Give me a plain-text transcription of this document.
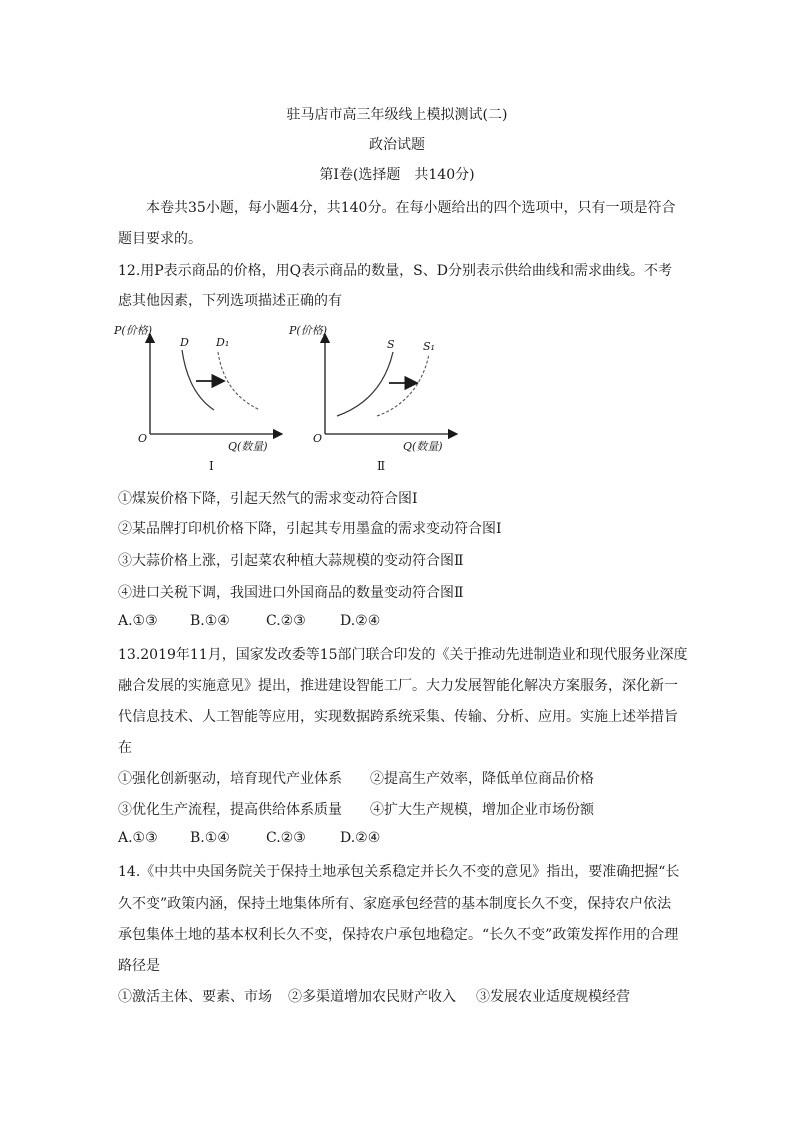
驻马店市高三年级线上模拟测试(二)
政治试题
第Ⅰ卷(选择题　共140分)
本卷共35小题，每小题4分，共140分。在每小题给出的四个选项中，只有一项是符合
题目要求的。
12.用P表示商品的价格，用Q表示商品的数量，S、D分别表示供给曲线和需求曲线。不考
虑其他因素，下列选项描述正确的有
P(价格)
Q(数量)
O
D D₁
Ⅰ
P(价格)
Q(数量)
O
S	S₁
Ⅱ
①煤炭价格下降，引起天然气的需求变动符合图Ⅰ
②某品牌打印机价格下降，引起其专用墨盒的需求变动符合图Ⅰ
③大蒜价格上涨，引起菜农种植大蒜规模的变动符合图Ⅱ
④进口关税下调，我国进口外国商品的数量变动符合图Ⅱ
A.①③ B.①④	C.②③ D.②④
13.2019年11月，国家发改委等15部门联合印发的《关于推动先进制造业和现代服务业深度
融合发展的实施意见》提出，推进建设智能工厂。大力发展智能化解决方案服务，深化新一
代信息技术、人工智能等应用，实现数据跨系统采集、传输、分析、应用。实施上述举措旨
在
①强化创新驱动，培育现代产业体系 ②提高生产效率，降低单位商品价格
③优化生产流程，提高供给体系质量 ④扩大生产规模，增加企业市场份额
A.①③ B.①④	C.②③ D.②④
14.《中共中央国务院关于保持土地承包关系稳定并长久不变的意见》指出，要准确把握“长
久不变”政策内涵，保持土地集体所有、家庭承包经营的基本制度长久不变，保持农户依法
承包集体土地的基本权利长久不变，保持农户承包地稳定。“长久不变”政策发挥作用的合理
路径是
①激活主体、要素、市场 ②多渠道增加农民财产收入 ③发展农业适度规模经营
